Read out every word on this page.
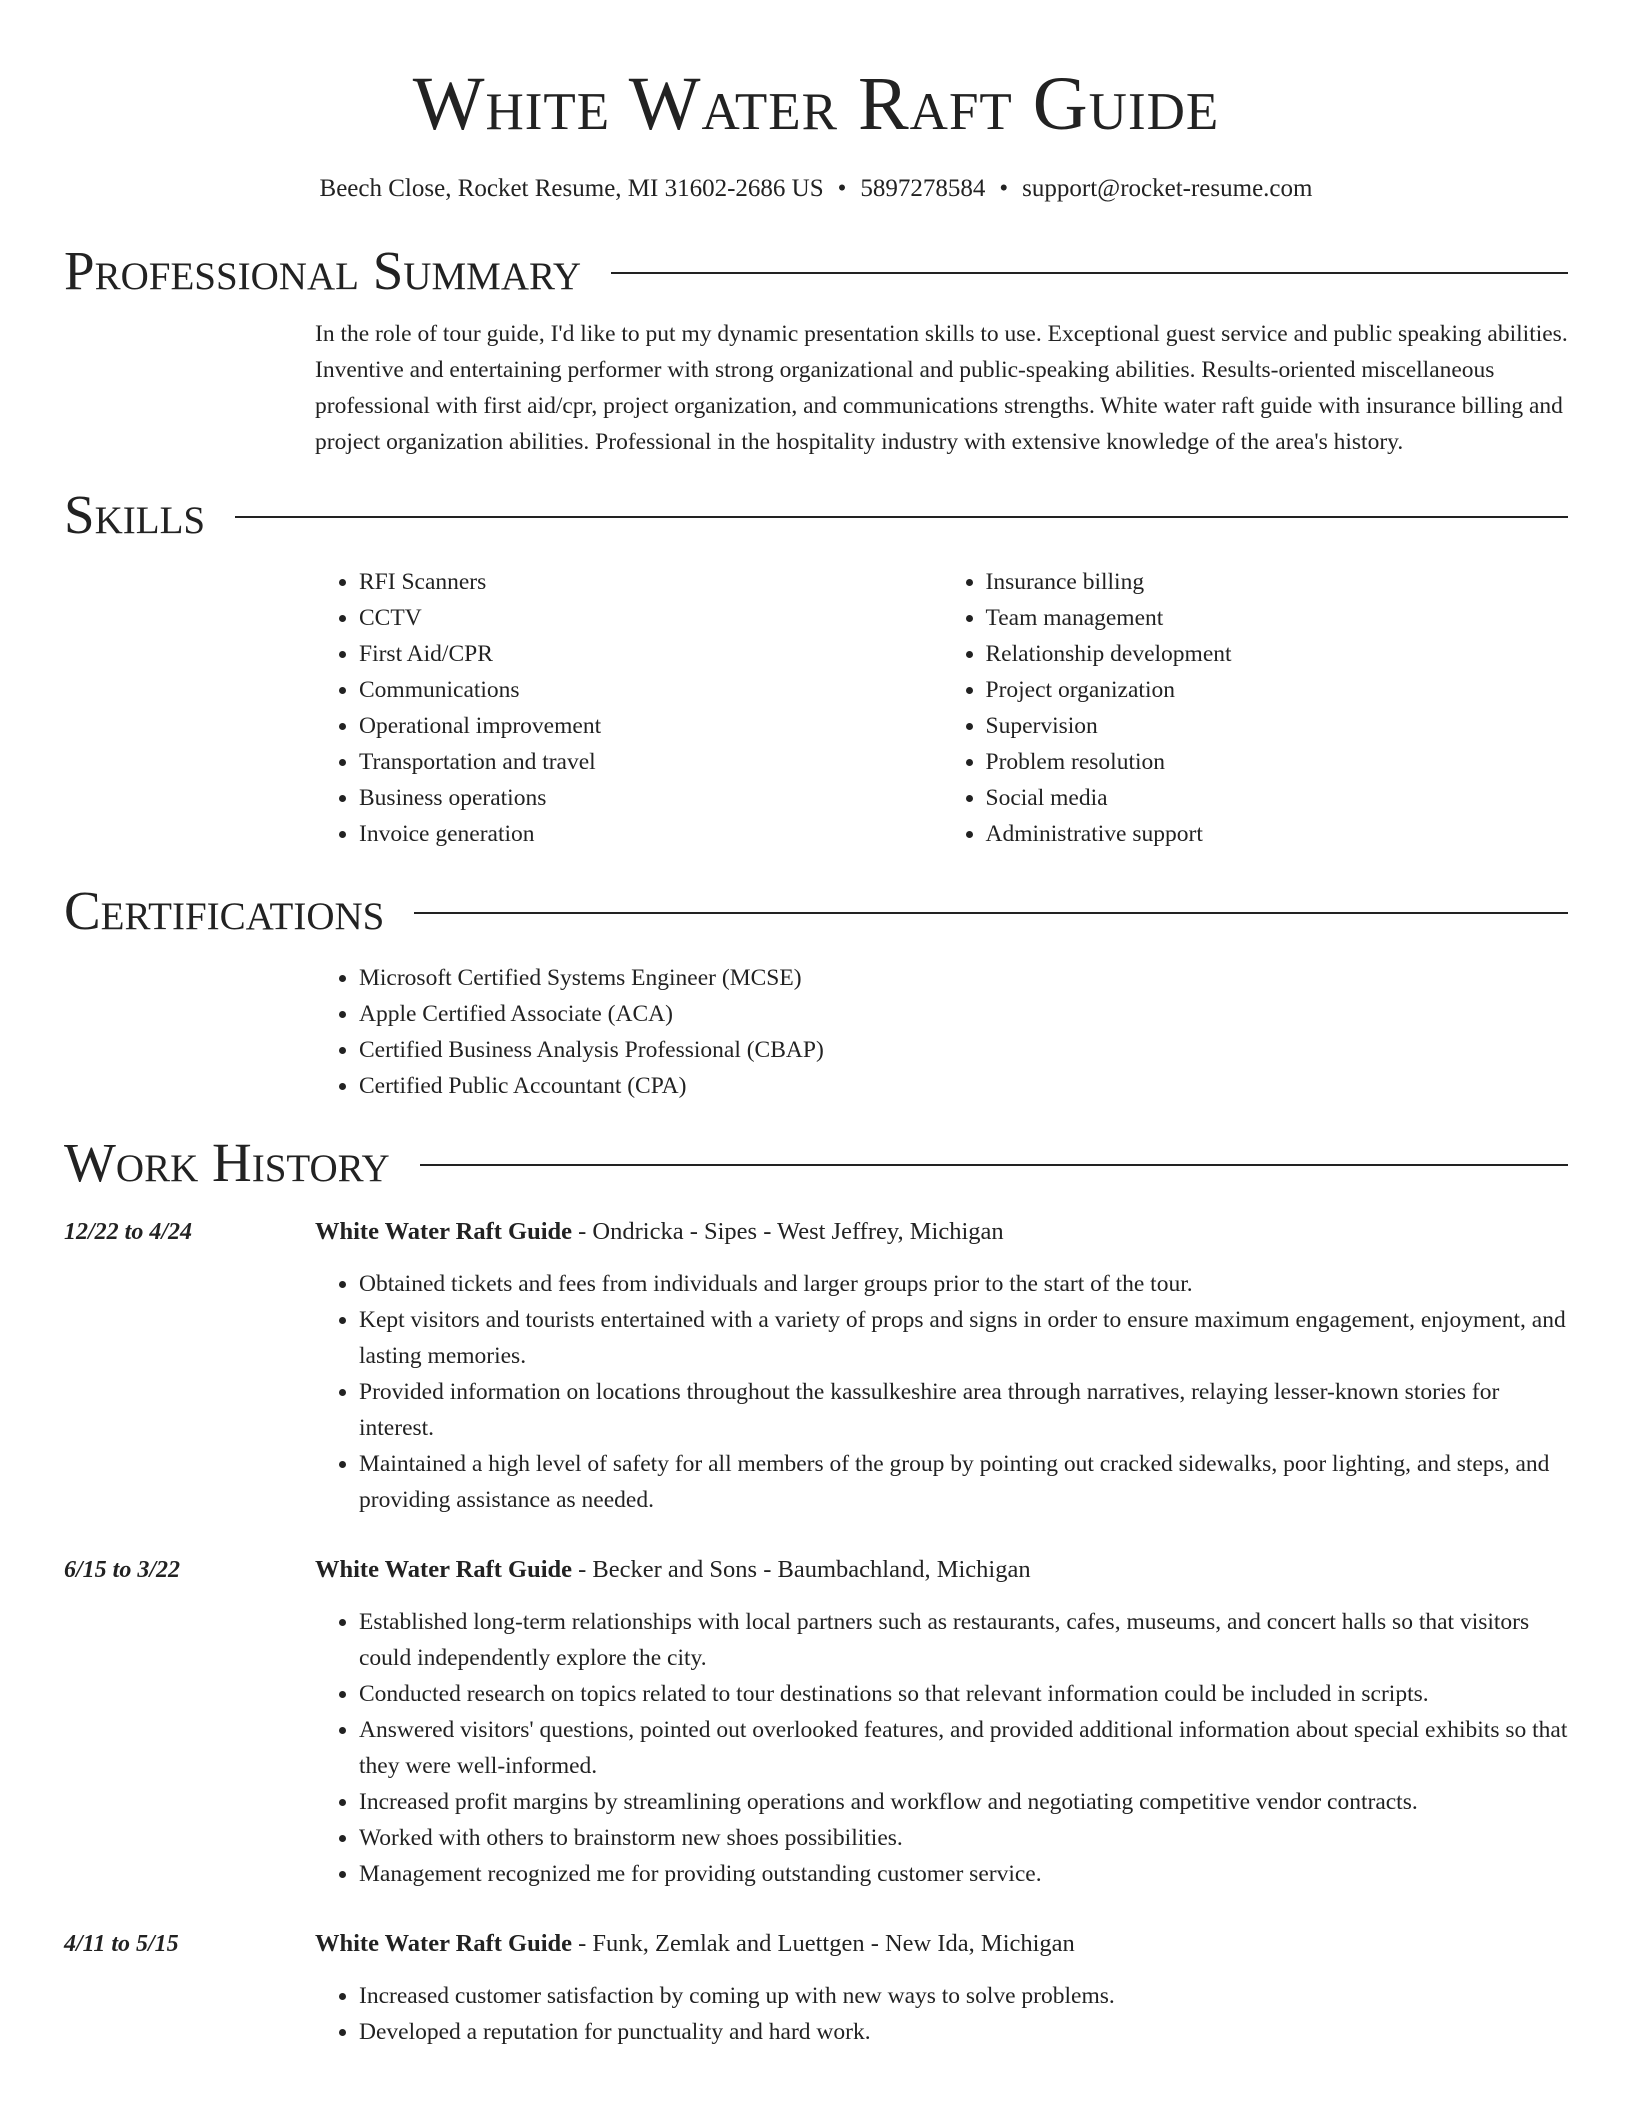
White Water Raft Guide
Beech Close, Rocket Resume, MI 31602-2686 US • 5897278584 • support@rocket-resume.com
Professional Summary

In the role of tour guide, I'd like to put my dynamic presentation skills to use. Exceptional guest service and public speaking abilities. Inventive and entertaining performer with strong organizational and public-speaking abilities. Results-oriented miscellaneous professional with first aid/cpr, project organization, and communications strengths. White water raft guide with insurance billing and project organization abilities. Professional in the hospitality industry with extensive knowledge of the area's history.

Skills
• RFI Scanners
• CCTV
• First Aid/CPR
• Communications
• Operational improvement
• Transportation and travel
• Business operations
• Invoice generation
• Insurance billing
• Team management
• Relationship development
• Project organization
• Supervision
• Problem resolution
• Social media
• Administrative support
Certifications
• Microsoft Certified Systems Engineer (MCSE)
• Apple Certified Associate (ACA)
• Certified Business Analysis Professional (CBAP)
• Certified Public Accountant (CPA)
Work History
12/22 to 4/24	White Water Raft Guide - Ondricka - Sipes - West Jeffrey, Michigan
• Obtained tickets and fees from individuals and larger groups prior to the start of the tour.
• Kept visitors and tourists entertained with a variety of props and signs in order to ensure maximum engagement, enjoyment, and lasting memories.
• Provided information on locations throughout the kassulkeshire area through narratives, relaying lesser-known stories for interest.
• Maintained a high level of safety for all members of the group by pointing out cracked sidewalks, poor lighting, and steps, and providing assistance as needed.
6/15 to 3/22	White Water Raft Guide - Becker and Sons - Baumbachland, Michigan
• Established long-term relationships with local partners such as restaurants, cafes, museums, and concert halls so that visitors could independently explore the city.
• Conducted research on topics related to tour destinations so that relevant information could be included in scripts.
• Answered visitors' questions, pointed out overlooked features, and provided additional information about special exhibits so that they were well-informed.
• Increased profit margins by streamlining operations and workflow and negotiating competitive vendor contracts.
• Worked with others to brainstorm new shoes possibilities.
• Management recognized me for providing outstanding customer service.
4/11 to 5/15	White Water Raft Guide - Funk, Zemlak and Luettgen - New Ida, Michigan
• Increased customer satisfaction by coming up with new ways to solve problems.
• Developed a reputation for punctuality and hard work.
